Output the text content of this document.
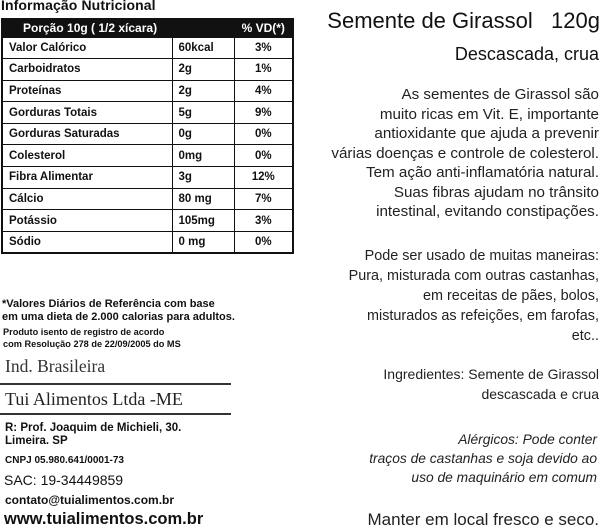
Informação Nutricional
Porção 10g ( 1/2 xícara)		% VD(*)
Valor Calórico	60kcal	3%
Carboidratos	2g	1%
Proteínas	2g	4%
Gorduras Totais	5g	9%
Gorduras Saturadas	0g	0%
Colesterol	0mg	0%
Fibra Alimentar	3g	12%
Cálcio	80 mg	7%
Potássio	105mg	3%
Sódio	0 mg	0%
*Valores Diários de Referência com base
em uma dieta de 2.000 calorias para adultos.
Produto isento de registro de acordo
com Resolução 278 de 22/09/2005 do MS
Ind. Brasileira
Tui Alimentos Ltda -ME
R: Prof. Joaquim de Michieli, 30.
Limeira. SP
CNPJ 05.980.641/0001-73
SAC: 19-34449859
contato@tuialimentos.com.br
www.tuialimentos.com.br
Semente de Girassol   120g
Descascada, crua
As sementes de Girassol são
muito ricas em Vit. E, importante
antioxidante que ajuda a prevenir
várias doenças e controle de colesterol.
Tem ação anti-inflamatória natural.
Suas fibras ajudam no trânsito
intestinal, evitando constipações.
Pode ser usado de muitas maneiras:
Pura, misturada com outras castanhas,
em receitas de pães, bolos,
misturados as refeições, em farofas,
etc..
Ingredientes: Semente de Girassol
descascada e crua
Alérgicos: Pode conter
traços de castanhas e soja devido ao
uso de maquinário em comum
Manter em local fresco e seco.
